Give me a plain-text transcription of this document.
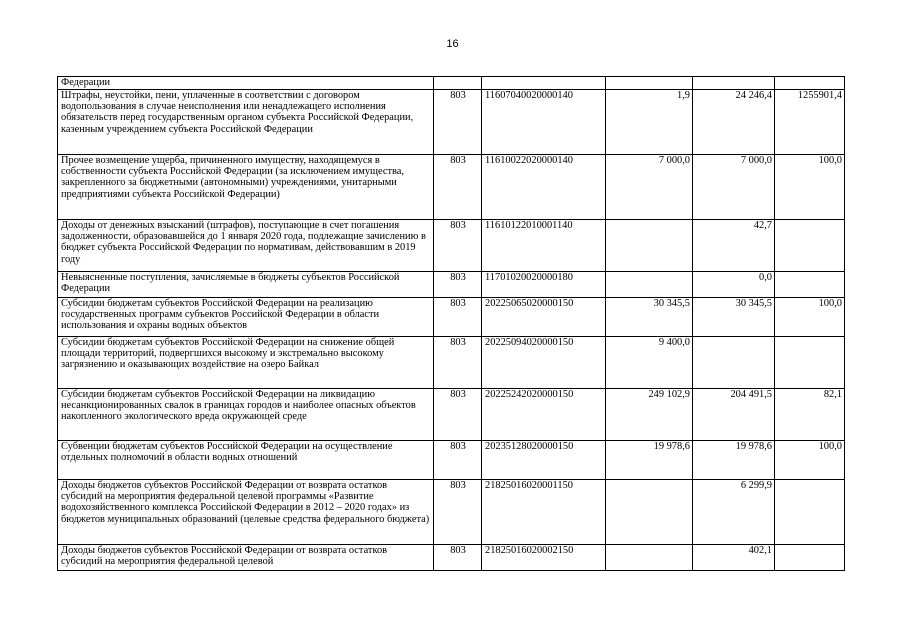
16
Федерации					
Штрафы, неустойки, пени, уплаченные в соответствии с договором водопользования в случае неисполнения или ненадлежащего исполнения обязательств перед государственным органом субъекта Российской Федерации, казенным учреждением субъекта Российской Федерации	803	11607040020000140	1,9	24 246,4	1255901,4
Прочее возмещение ущерба, причиненного имуществу, находящемуся в собственности субъекта Российской Федерации (за исключением имущества, закрепленного за бюджетными (автономными) учреждениями, унитарными предприятиями субъекта Российской Федерации)	803	11610022020000140	7 000,0	7 000,0	100,0
Доходы от денежных взысканий (штрафов), поступающие в счет погашения задолженности, образовавшейся до 1 января 2020 года, подлежащие зачислению в бюджет субъекта Российской Федерации по нормативам, действовавшим в 2019 году	803	11610122010001140		42,7	
Невыясненные поступления, зачисляемые в бюджеты субъектов Российской Федерации	803	11701020020000180		0,0	
Субсидии бюджетам субъектов Российской Федерации на реализацию государственных программ субъектов Российской Федерации в области использования и охраны водных объектов	803	20225065020000150	30 345,5	30 345,5	100,0
Субсидии бюджетам субъектов Российской Федерации на снижение общей площади территорий, подвергшихся высокому и экстремально высокому загрязнению и оказывающих воздействие на озеро Байкал	803	20225094020000150	9 400,0		
Субсидии бюджетам субъектов Российской Федерации на ликвидацию несанкционированных свалок в границах городов и наиболее опасных объектов накопленного экологического вреда окружающей среде	803	20225242020000150	249 102,9	204 491,5	82,1
Субвенции бюджетам субъектов Российской Федерации на осуществление отдельных полномочий в области водных отношений	803	20235128020000150	19 978,6	19 978,6	100,0
Доходы бюджетов субъектов Российской Федерации от возврата остатков субсидий на мероприятия федеральной целевой программы «Развитие водохозяйственного комплекса Российской Федерации в 2012 – 2020 годах» из бюджетов муниципальных образований (целевые средства федерального бюджета)	803	21825016020001150		6 299,9	
Доходы бюджетов субъектов Российской Федерации от возврата остатков субсидий на мероприятия федеральной целевой	803	21825016020002150		402,1	
